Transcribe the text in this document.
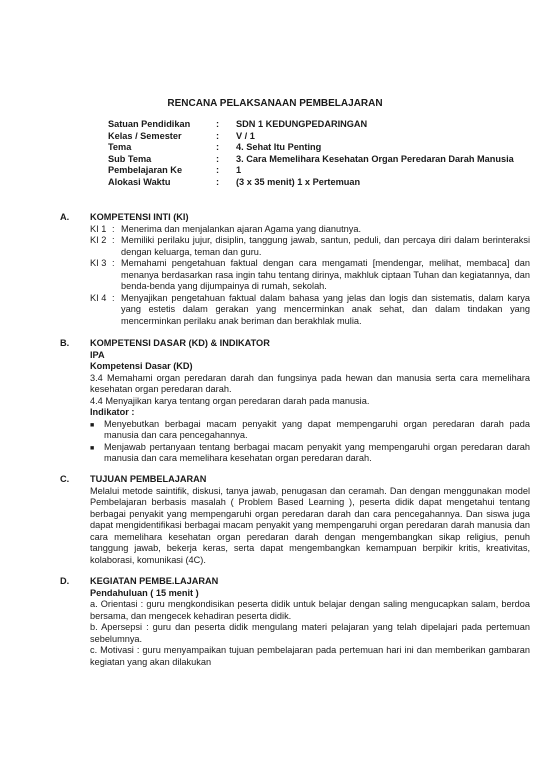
RENCANA PELAKSANAAN PEMBELAJARAN
Satuan Pendidikan	:	SDN 1 KEDUNGPEDARINGAN
Kelas / Semester	:	V / 1
Tema	:	4. Sehat Itu Penting
Sub Tema	:	3. Cara Memelihara Kesehatan Organ Peredaran Darah Manusia
Pembelajaran Ke	:	1
Alokasi Waktu	:	(3 x 35 menit) 1 x Pertemuan
A.	KOMPETENSI INTI (KI)
KI 1 : Menerima dan menjalankan ajaran Agama yang dianutnya.
KI 2 : Memiliki perilaku jujur, disiplin, tanggung jawab, santun, peduli, dan percaya diri dalam berinteraksi dengan keluarga, teman dan guru.
KI 3 : Memahami pengetahuan faktual dengan cara mengamati [mendengar, melihat, membaca] dan menanya berdasarkan rasa ingin tahu tentang dirinya, makhluk ciptaan Tuhan dan kegiatannya, dan benda-benda yang dijumpainya di rumah, sekolah.
KI 4 : Menyajikan pengetahuan faktual dalam bahasa yang jelas dan logis dan sistematis, dalam karya yang estetis dalam gerakan yang mencerminkan anak sehat, dan dalam tindakan yang mencerminkan perilaku anak beriman dan berakhlak mulia.
B.	KOMPETENSI DASAR (KD) & INDIKATOR
IPA
Kompetensi Dasar (KD)
3.4 Memahami organ peredaran darah dan fungsinya pada hewan dan manusia serta cara memelihara kesehatan organ peredaran darah.
4.4 Menyajikan karya tentang organ peredaran darah pada manusia.
Indikator :
■	Menyebutkan berbagai macam penyakit yang dapat mempengaruhi organ peredaran darah pada manusia dan cara pencegahannya.
■	Menjawab pertanyaan tentang berbagai macam penyakit yang mempengaruhi organ peredaran darah manusia dan cara memelihara kesehatan organ peredaran darah.
C.	TUJUAN PEMBELAJARAN
Melalui metode saintifik, diskusi, tanya jawab, penugasan dan ceramah. Dan dengan menggunakan model Pembelajaran berbasis masalah ( Problem Based Learning ), peserta didik dapat mengetahui tentang berbagai penyakit yang mempengaruhi organ peredaran darah dan cara pencegahannya. Dan siswa juga dapat mengidentifikasi berbagai macam penyakit yang mempengaruhi organ peredaran darah manusia dan cara memelihara kesehatan organ peredaran darah dengan mengembangkan sikap religius, penuh tanggung jawab, bekerja keras, serta dapat mengembangkan kemampuan berpikir kritis, kreativitas, kolaborasi, komunikasi (4C).
D.	KEGIATAN PEMBE.LAJARAN
Pendahuluan ( 15 menit )
a. Orientasi : guru mengkondisikan peserta didik untuk belajar dengan saling mengucapkan salam, berdoa bersama, dan mengecek kehadiran peserta didik.
b. Apersepsi : guru dan peserta didik mengulang materi pelajaran yang telah dipelajari pada pertemuan sebelumnya.
c. Motivasi : guru menyampaikan tujuan pembelajaran pada pertemuan hari ini dan memberikan gambaran kegiatan yang akan dilakukan
